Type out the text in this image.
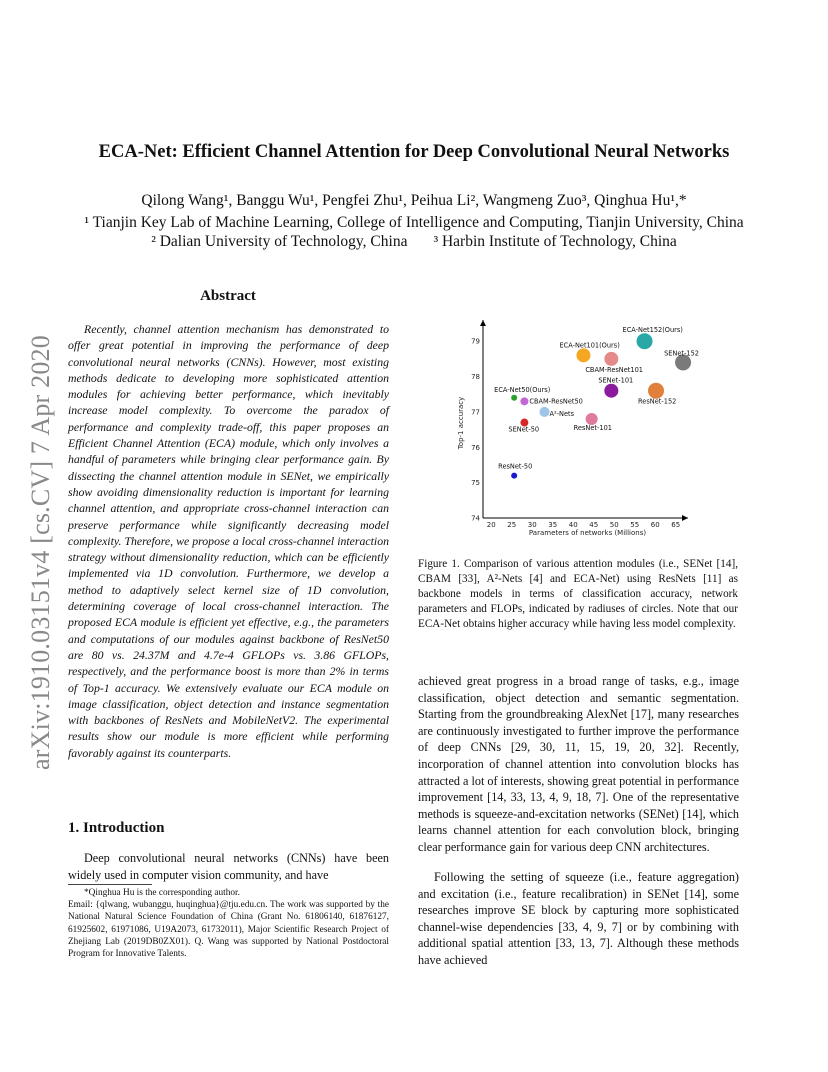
ECA-Net: Efficient Channel Attention for Deep Convolutional Neural Networks
Qilong Wang¹, Banggu Wu¹, Pengfei Zhu¹, Peihua Li², Wangmeng Zuo³, Qinghua Hu¹,*
¹ Tianjin Key Lab of Machine Learning, College of Intelligence and Computing, Tianjin University, China
² Dalian University of Technology, China ³ Harbin Institute of Technology, China
arXiv:1910.03151v4 [cs.CV] 7 Apr 2020
Abstract

Recently, channel attention mechanism has demonstrated to offer great potential in improving the performance of deep convolutional neural networks (CNNs). However, most existing methods dedicate to developing more sophisticated attention modules for achieving better performance, which inevitably increase model complexity. To overcome the paradox of performance and complexity trade-off, this paper proposes an Efficient Channel Attention (ECA) module, which only involves a handful of parameters while bringing clear performance gain. By dissecting the channel attention module in SENet, we empirically show avoiding dimensionality reduction is important for learning channel attention, and appropriate cross-channel interaction can preserve performance while significantly decreasing model complexity. Therefore, we propose a local cross-channel interaction strategy without dimensionality reduction, which can be efficiently implemented via 1D convolution. Furthermore, we develop a method to adaptively select kernel size of 1D convolution, determining coverage of local cross-channel interaction. The proposed ECA module is efficient yet effective, e.g., the parameters and computations of our modules against backbone of ResNet50 are 80 vs. 24.37M and 4.7e-4 GFLOPs vs. 3.86 GFLOPs, respectively, and the performance boost is more than 2% in terms of Top-1 accuracy. We extensively evaluate our ECA module on image classification, object detection and instance segmentation with backbones of ResNets and MobileNetV2. The experimental results show our module is more efficient while performing favorably against its counterparts.

1. Introduction

Deep convolutional neural networks (CNNs) have been widely used in computer vision community, and have

*Qinghua Hu is the corresponding author.
Email: {qlwang, wubanggu, huqinghua}@tju.edu.cn. The work was supported by the National Natural Science Foundation of China (Grant No. 61806140, 61876127, 61925602, 61971086, U19A2073, 61732011), Major Scientific Research Project of Zhejiang Lab (2019DB0ZX01). Q. Wang was supported by National Postdoctoral Program for Innovative Talents.

20 25 30 35 40 45 50 55 60 65
74
75
76
77
78
79
Parameters of networks (Millions)
Top-1 accuracy
ResNet-50
SENet-50
ECA-Net50(Ours)
CBAM-ResNet50
A²-Nets
ResNet-101
SENet-101
CBAM-ResNet101
ECA-Net101(Ours)
ResNet-152
ECA-Net152(Ours)
SENet-152

Figure 1. Comparison of various attention modules (i.e., SENet [14], CBAM [33], A²-Nets [4] and ECA-Net) using ResNets [11] as backbone models in terms of classification accuracy, network parameters and FLOPs, indicated by radiuses of circles. Note that our ECA-Net obtains higher accuracy while having less model complexity.

achieved great progress in a broad range of tasks, e.g., image classification, object detection and semantic segmentation. Starting from the groundbreaking AlexNet [17], many researches are continuously investigated to further improve the performance of deep CNNs [29, 30, 11, 15, 19, 20, 32]. Recently, incorporation of channel attention into convolution blocks has attracted a lot of interests, showing great potential in performance improvement [14, 33, 13, 4, 9, 18, 7]. One of the representative methods is squeeze-and-excitation networks (SENet) [14], which learns channel attention for each convolution block, bringing clear performance gain for various deep CNN architectures.

Following the setting of squeeze (i.e., feature aggregation) and excitation (i.e., feature recalibration) in SENet [14], some researches improve SE block by capturing more sophisticated channel-wise dependencies [33, 4, 9, 7] or by combining with additional spatial attention [33, 13, 7]. Although these methods have achieved
